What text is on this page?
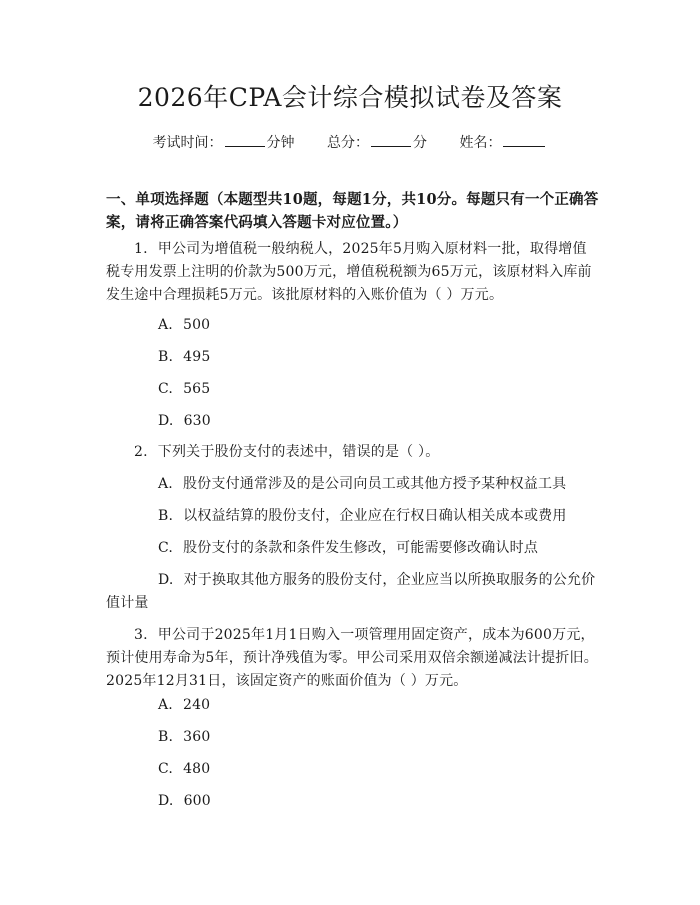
2026年CPA会计综合模拟试卷及答案
考试时间：	分钟 总分：	分 姓名：
一、单项选择题（本题型共10题，每题1分，共10分。每题只有一个正确答案，请将正确答案代码填入答题卡对应位置。）
1. 甲公司为增值税一般纳税人，2025年5月购入原材料一批，取得增值税专用发票上注明的价款为500万元，增值税税额为65万元，该原材料入库前发生途中合理损耗5万元。该批原材料的入账价值为（ ）万元。
A. 500
B. 495
C. 565
D. 630
2. 下列关于股份支付的表述中，错误的是（ ）。
A. 股份支付通常涉及的是公司向员工或其他方授予某种权益工具
B. 以权益结算的股份支付，企业应在行权日确认相关成本或费用
C. 股份支付的条款和条件发生修改，可能需要修改确认时点
D. 对于换取其他方服务的股份支付，企业应当以所换取服务的公允价值计量
3. 甲公司于2025年1月1日购入一项管理用固定资产，成本为600万元，预计使用寿命为5年，预计净残值为零。甲公司采用双倍余额递减法计提折旧。2025年12月31日，该固定资产的账面价值为（ ）万元。
A. 240
B. 360
C. 480
D. 600
